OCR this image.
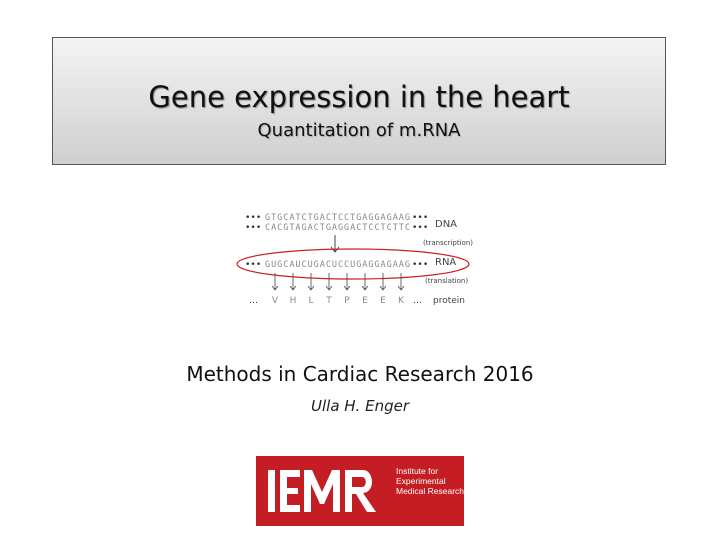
Gene expression in the heart
Quantitation of m.RNA
••• GTGCATCTGACTCCTGAGGAGAAG •••
••• CACGTAGACTGAGGACTCCTCTTC ••• DNA
(transcription)
••• GUGCAUCUGACUCCUGAGGAGAAG ••• RNA
(translation)
… V H L T P E E K … protein
Methods in Cardiac Research 2016
Ulla H. Enger
Institute for
Experimental
Medical Research
